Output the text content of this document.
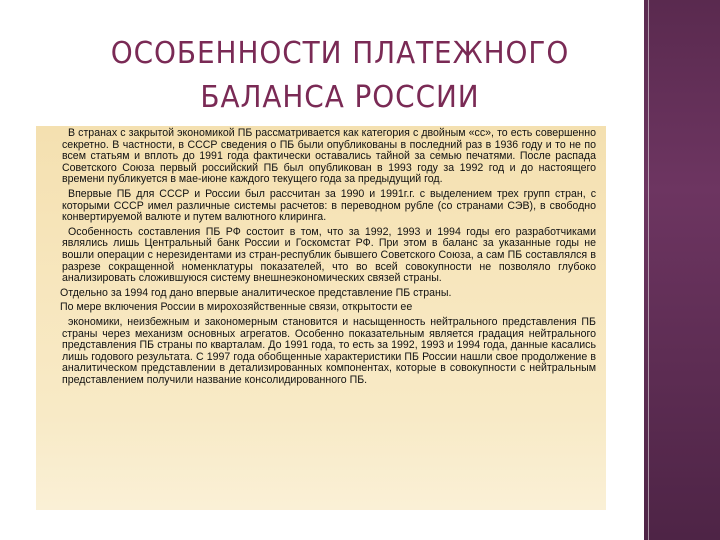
ОСОБЕННОСТИ ПЛАТЕЖНОГО
БАЛАНСА РОССИИ

В странах с закрытой экономикой ПБ рассматривается как категория с двойным «сс», то есть совершенно секретно. В частности, в СССР сведения о ПБ были опубликованы в последний раз в 1936 году и то не по всем статьям и вплоть до 1991 года фактически оставались тайной за семью печатями. После распада Советского Союза первый российский ПБ был опубликован в 1993 году за 1992 год и до настоящего времени публикуется в мае-июне каждого текущего года за предыдущий год.

Впервые ПБ для СССР и России был рассчитан за 1990 и 1991г.г. с выделением трех групп стран, с которыми СССР имел различные системы расчетов: в переводном рубле (со странами СЭВ), в свободно конвертируемой валюте и путем валютного клиринга.

Особенность составления ПБ РФ состоит в том, что за 1992, 1993 и 1994 годы его разработчиками являлись лишь Центральный банк России и Госкомстат РФ. При этом в баланс за указанные годы не вошли операции с нерезидентами из стран-республик бывшего Советского Союза, а сам ПБ составлялся в разрезе сокращенной номенклатуры показателей, что во всей совокупности не позволяло глубоко анализировать сложившуюся систему внешнеэкономических связей страны.

Отдельно за 1994 год дано впервые аналитическое представление ПБ страны.

По мере включения России в мирохозяйственные связи, открытости ее

экономики, неизбежным и закономерным становится и насыщенность нейтрального представления ПБ страны через механизм основных агрегатов. Особенно показательным является градация нейтрального представления ПБ страны по кварталам. До 1991 года, то есть за 1992, 1993 и 1994 года, данные касались лишь годового результата. С 1997 года обобщенные характеристики ПБ России нашли свое продолжение в аналитическом представлении в детализированных компонентах, которые в совокупности с нейтральным представлением получили название консолидированного ПБ.
